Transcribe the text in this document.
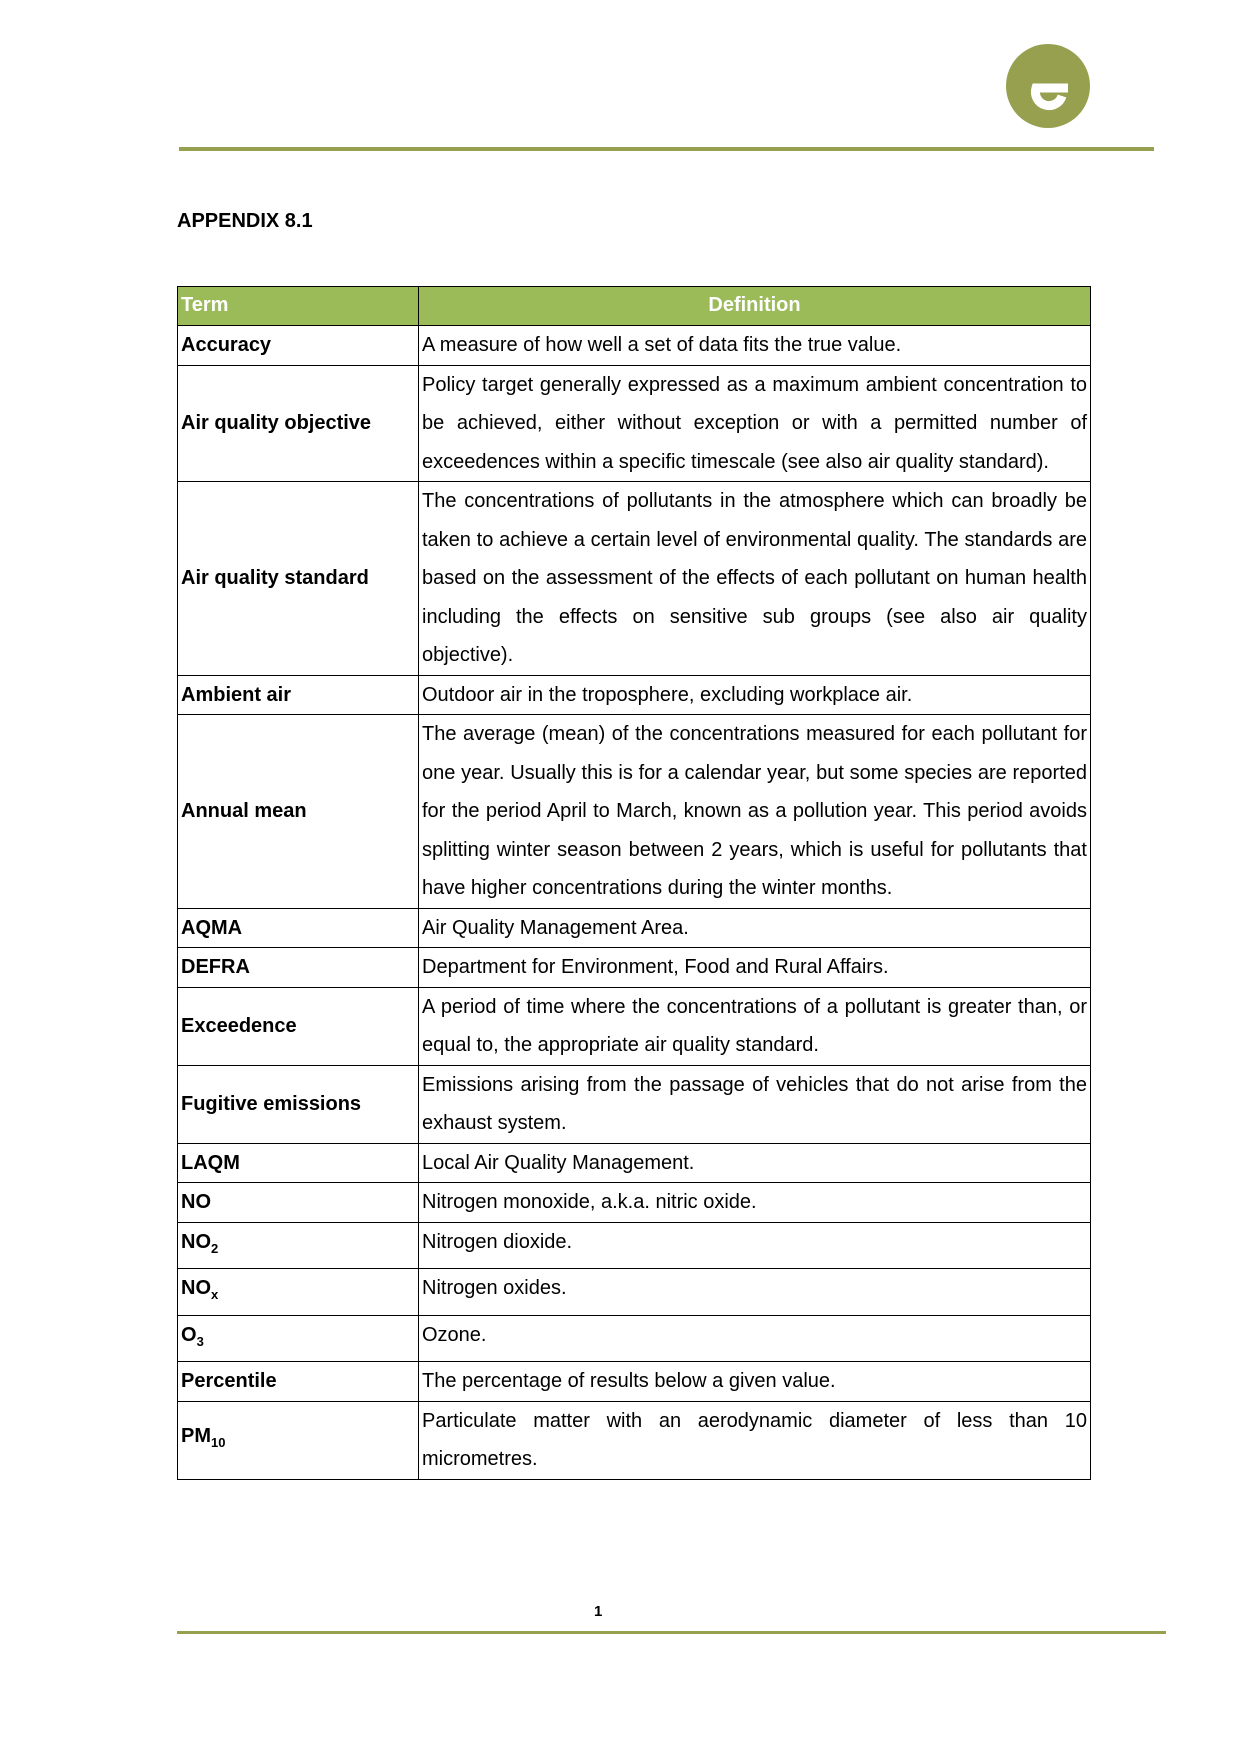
APPENDIX 8.1
Term	Definition
Accuracy	A measure of how well a set of data fits the true value.
Air quality objective	Policy target generally expressed as a maximum ambient concentration to be achieved, either without exception or with a permitted number of exceedences within a specific timescale (see also air quality standard).
Air quality standard	The concentrations of pollutants in the atmosphere which can broadly be taken to achieve a certain level of environmental quality. The standards are based on the assessment of the effects of each pollutant on human health including the effects on sensitive sub groups (see also air quality objective).
Ambient air	Outdoor air in the troposphere, excluding workplace air.
Annual mean	The average (mean) of the concentrations measured for each pollutant for one year. Usually this is for a calendar year, but some species are reported for the period April to March, known as a pollution year. This period avoids splitting winter season between 2 years, which is useful for pollutants that have higher concentrations during the winter months.
AQMA	Air Quality Management Area.
DEFRA	Department for Environment, Food and Rural Affairs.
Exceedence	A period of time where the concentrations of a pollutant is greater than, or equal to, the appropriate air quality standard.
Fugitive emissions	Emissions arising from the passage of vehicles that do not arise from the exhaust system.
LAQM	Local Air Quality Management.
NO	Nitrogen monoxide, a.k.a. nitric oxide.
$NO_2$	Nitrogen dioxide.
$NO_x$	Nitrogen oxides.
$O_3$	Ozone.
Percentile	The percentage of results below a given value.
$PM_{10}$	Particulate matter with an aerodynamic diameter of less than 10 micrometres.
1
